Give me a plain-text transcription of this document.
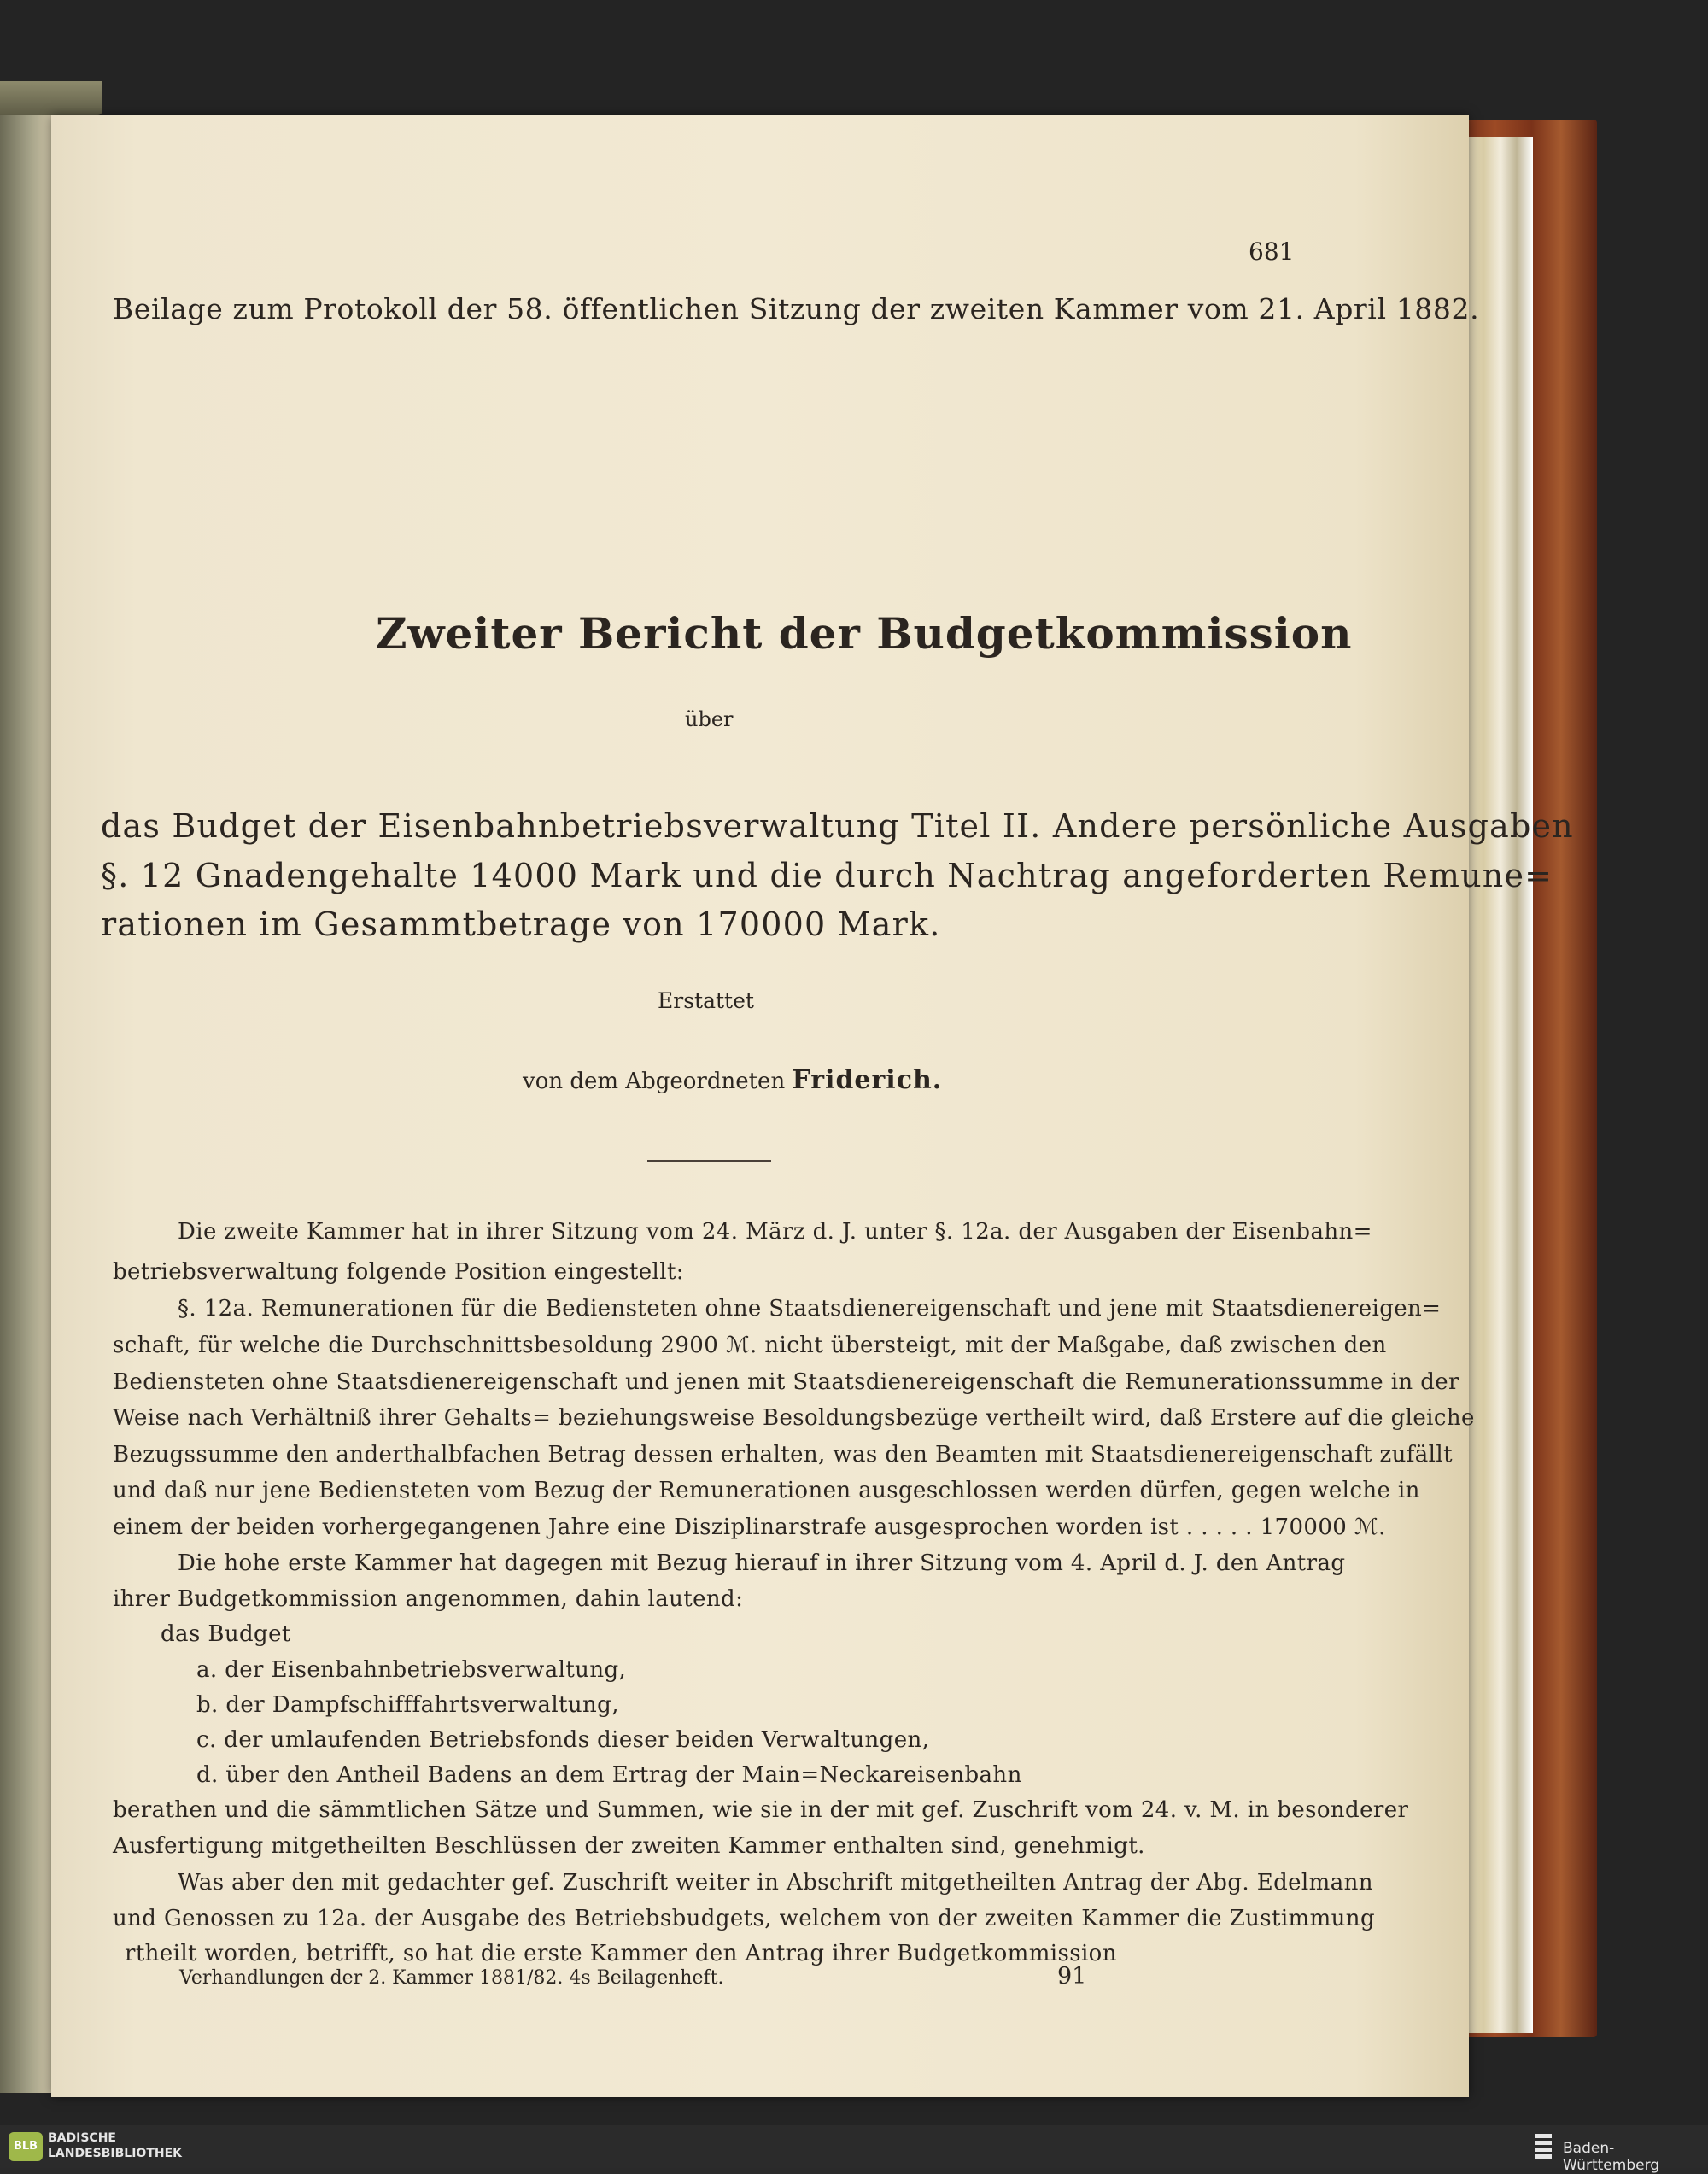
681
Beilage zum Protokoll der 58. öffentlichen Sitzung der zweiten Kammer vom 21. April 1882.
Zweiter Bericht der Budgetkommission
über
das Budget der Eisenbahnbetriebsverwaltung Titel II. Andere persönliche Ausgaben
§. 12 Gnadengehalte 14000 Mark und die durch Nachtrag angeforderten Remune=
rationen im Gesammtbetrage von 170000 Mark.
Erstattet
von dem Abgeordneten Friderich.
Die zweite Kammer hat in ihrer Sitzung vom 24. März d. J. unter §. 12a. der Ausgaben der Eisenbahn=
betriebsverwaltung folgende Position eingestellt:
§. 12a. Remunerationen für die Bediensteten ohne Staatsdienereigenschaft und jene mit Staatsdienereigen=
schaft, für welche die Durchschnittsbesoldung 2900 ℳ. nicht übersteigt, mit der Maßgabe, daß zwischen den
Bediensteten ohne Staatsdienereigenschaft und jenen mit Staatsdienereigenschaft die Remunerationssumme in der
Weise nach Verhältniß ihrer Gehalts= beziehungsweise Besoldungsbezüge vertheilt wird, daß Erstere auf die gleiche
Bezugssumme den anderthalbfachen Betrag dessen erhalten, was den Beamten mit Staatsdienereigenschaft zufällt
und daß nur jene Bediensteten vom Bezug der Remunerationen ausgeschlossen werden dürfen, gegen welche in
einem der beiden vorhergegangenen Jahre eine Disziplinarstrafe ausgesprochen worden ist . . . . . 170000 ℳ.
Die hohe erste Kammer hat dagegen mit Bezug hierauf in ihrer Sitzung vom 4. April d. J. den Antrag
ihrer Budgetkommission angenommen, dahin lautend:
das Budget
a. der Eisenbahnbetriebsverwaltung,
b. der Dampfschifffahrtsverwaltung,
c. der umlaufenden Betriebsfonds dieser beiden Verwaltungen,
d. über den Antheil Badens an dem Ertrag der Main=Neckareisenbahn
berathen und die sämmtlichen Sätze und Summen, wie sie in der mit gef. Zuschrift vom 24. v. M. in besonderer
Ausfertigung mitgetheilten Beschlüssen der zweiten Kammer enthalten sind, genehmigt.
Was aber den mit gedachter gef. Zuschrift weiter in Abschrift mitgetheilten Antrag der Abg. Edelmann
und Genossen zu 12a. der Ausgabe des Betriebsbudgets, welchem von der zweiten Kammer die Zustimmung
rtheilt worden, betrifft, so hat die erste Kammer den Antrag ihrer Budgetkommission
Verhandlungen der 2. Kammer 1881/82. 4s Beilagenheft.	91
BLB
BADISCHE
LANDESBIBLIOTHEK	Baden-Württemberg
